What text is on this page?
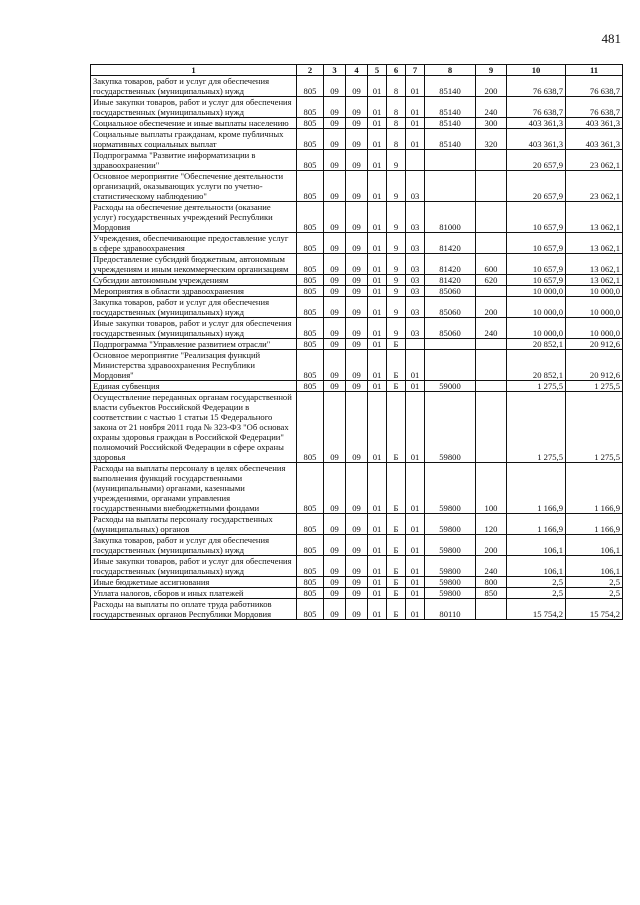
481
1	2	3	4	5	6	7	8	9	10	11
Закупка товаров, работ и услуг для обеспечения государственных (муниципальных) нужд	805	09	09	01	8	01	85140	200	76 638,7	76 638,7
Иные закупки товаров, работ и услуг для обеспечения государственных (муниципальных) нужд	805	09	09	01	8	01	85140	240	76 638,7	76 638,7
Социальное обеспечение и иные выплаты населению	805	09	09	01	8	01	85140	300	403 361,3	403 361,3
Социальные выплаты гражданам, кроме публичных нормативных социальных выплат	805	09	09	01	8	01	85140	320	403 361,3	403 361,3
Подпрограмма "Развитие информатизации в здравоохранении"	805	09	09	01	9				20 657,9	23 062,1
Основное мероприятие "Обеспечение деятельности организаций, оказывающих услуги по учетно-статистическому наблюдению"	805	09	09	01	9	03			20 657,9	23 062,1
Расходы на обеспечение деятельности (оказание услуг) государственных учреждений Республики Мордовия	805	09	09	01	9	03	81000		10 657,9	13 062,1
Учреждения, обеспечивающие предоставление услуг в сфере здравоохранения	805	09	09	01	9	03	81420		10 657,9	13 062,1
Предоставление субсидий бюджетным, автономным учреждениям и иным некоммерческим организациям	805	09	09	01	9	03	81420	600	10 657,9	13 062,1
Субсидии автономным учреждениям	805	09	09	01	9	03	81420	620	10 657,9	13 062,1
Мероприятия в области здравоохранения	805	09	09	01	9	03	85060		10 000,0	10 000,0
Закупка товаров, работ и услуг для обеспечения государственных (муниципальных) нужд	805	09	09	01	9	03	85060	200	10 000,0	10 000,0
Иные закупки товаров, работ и услуг для обеспечения государственных (муниципальных) нужд	805	09	09	01	9	03	85060	240	10 000,0	10 000,0
Подпрограмма "Управление развитием отрасли"	805	09	09	01	Б				20 852,1	20 912,6
Основное мероприятие "Реализация функций Министерства здравоохранения Республики Мордовия"	805	09	09	01	Б	01			20 852,1	20 912,6
Единая субвенция	805	09	09	01	Б	01	59000		1 275,5	1 275,5
Осуществление переданных органам государственной власти субъектов Российской Федерации в соответствии с частью 1 статьи 15 Федерального закона от 21 ноября 2011 года № 323-ФЗ "Об основах охраны здоровья граждан в Российской Федерации" полномочий Российской Федерации в сфере охраны здоровья	805	09	09	01	Б	01	59800		1 275,5	1 275,5
Расходы на выплаты персоналу в целях обеспечения выполнения функций государственными (муниципальными) органами, казенными учреждениями, органами управления государственными внебюджетными фондами	805	09	09	01	Б	01	59800	100	1 166,9	1 166,9
Расходы на выплаты персоналу государственных (муниципальных) органов	805	09	09	01	Б	01	59800	120	1 166,9	1 166,9
Закупка товаров, работ и услуг для обеспечения государственных (муниципальных) нужд	805	09	09	01	Б	01	59800	200	106,1	106,1
Иные закупки товаров, работ и услуг для обеспечения государственных (муниципальных) нужд	805	09	09	01	Б	01	59800	240	106,1	106,1
Иные бюджетные ассигнования	805	09	09	01	Б	01	59800	800	2,5	2,5
Уплата налогов, сборов и иных платежей	805	09	09	01	Б	01	59800	850	2,5	2,5
Расходы на выплаты по оплате труда работников государственных органов Республики Мордовия	805	09	09	01	Б	01	80110		15 754,2	15 754,2
